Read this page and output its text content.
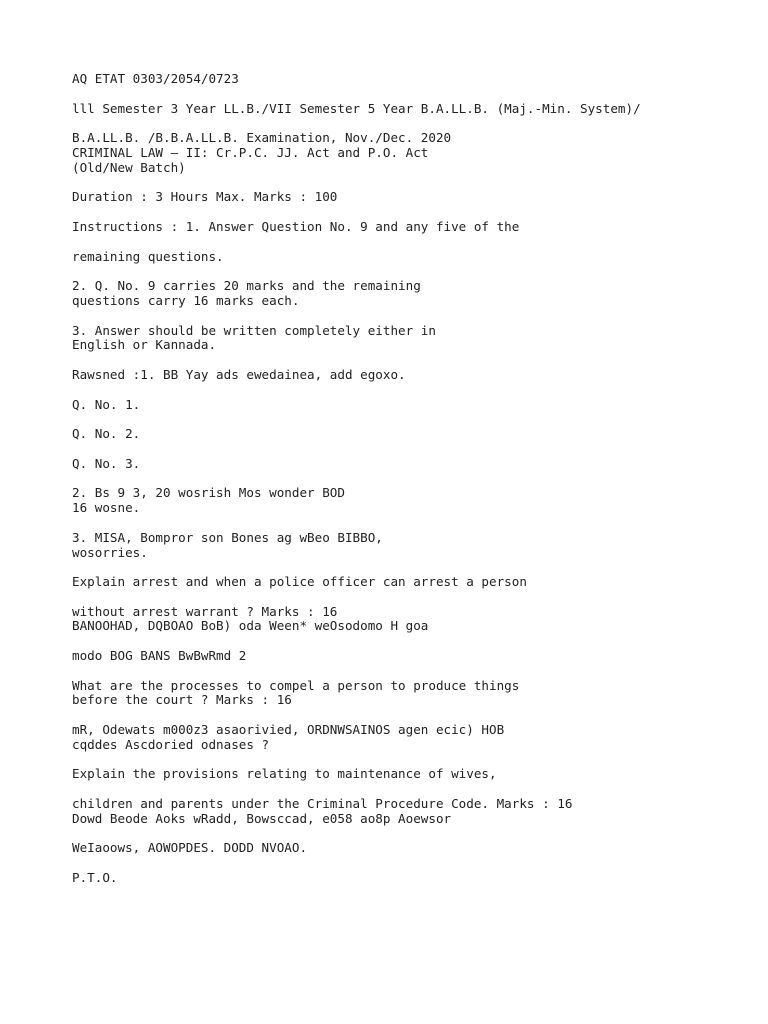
AQ ETAT 0303/2054/0723
lll Semester 3 Year LL.B./VII Semester 5 Year B.A.LL.B. (Maj.-Min. System)/
B.A.LL.B. /B.B.A.LL.B. Examination, Nov./Dec. 2020
CRIMINAL LAW — II: Cr.P.C. JJ. Act and P.O. Act
(Old/New Batch)
Duration : 3 Hours Max. Marks : 100
Instructions : 1. Answer Question No. 9 and any five of the
remaining questions.
2. Q. No. 9 carries 20 marks and the remaining
questions carry 16 marks each.
3. Answer should be written completely either in
English or Kannada.
Rawsned :1. BB Yay ads ewedainea, add egoxo.
Q. No. 1.
Q. No. 2.
Q. No. 3.
2. Bs 9 3, 20 wosrish Mos wonder BOD
16 wosne.
3. MISA, Bompror son Bones ag wBeo BIBBO,
wosorries.
Explain arrest and when a police officer can arrest a person
without arrest warrant ? Marks : 16
BANOOHAD, DQBOAO BoB) oda Ween* weOsodomo H goa
modo BOG BANS BwBwRmd 2
What are the processes to compel a person to produce things
before the court ? Marks : 16
mR, Odewats m000z3 asaorivied, ORDNWSAINOS agen ecic) HOB
cqddes Ascdoried odnases ?
Explain the provisions relating to maintenance of wives,
children and parents under the Criminal Procedure Code. Marks : 16
Dowd Beode Aoks wRadd, Bowsccad, e058 ao8p Aoewsor
WeIaoows, AOWOPDES. DODD NVOAO.
P.T.O.
